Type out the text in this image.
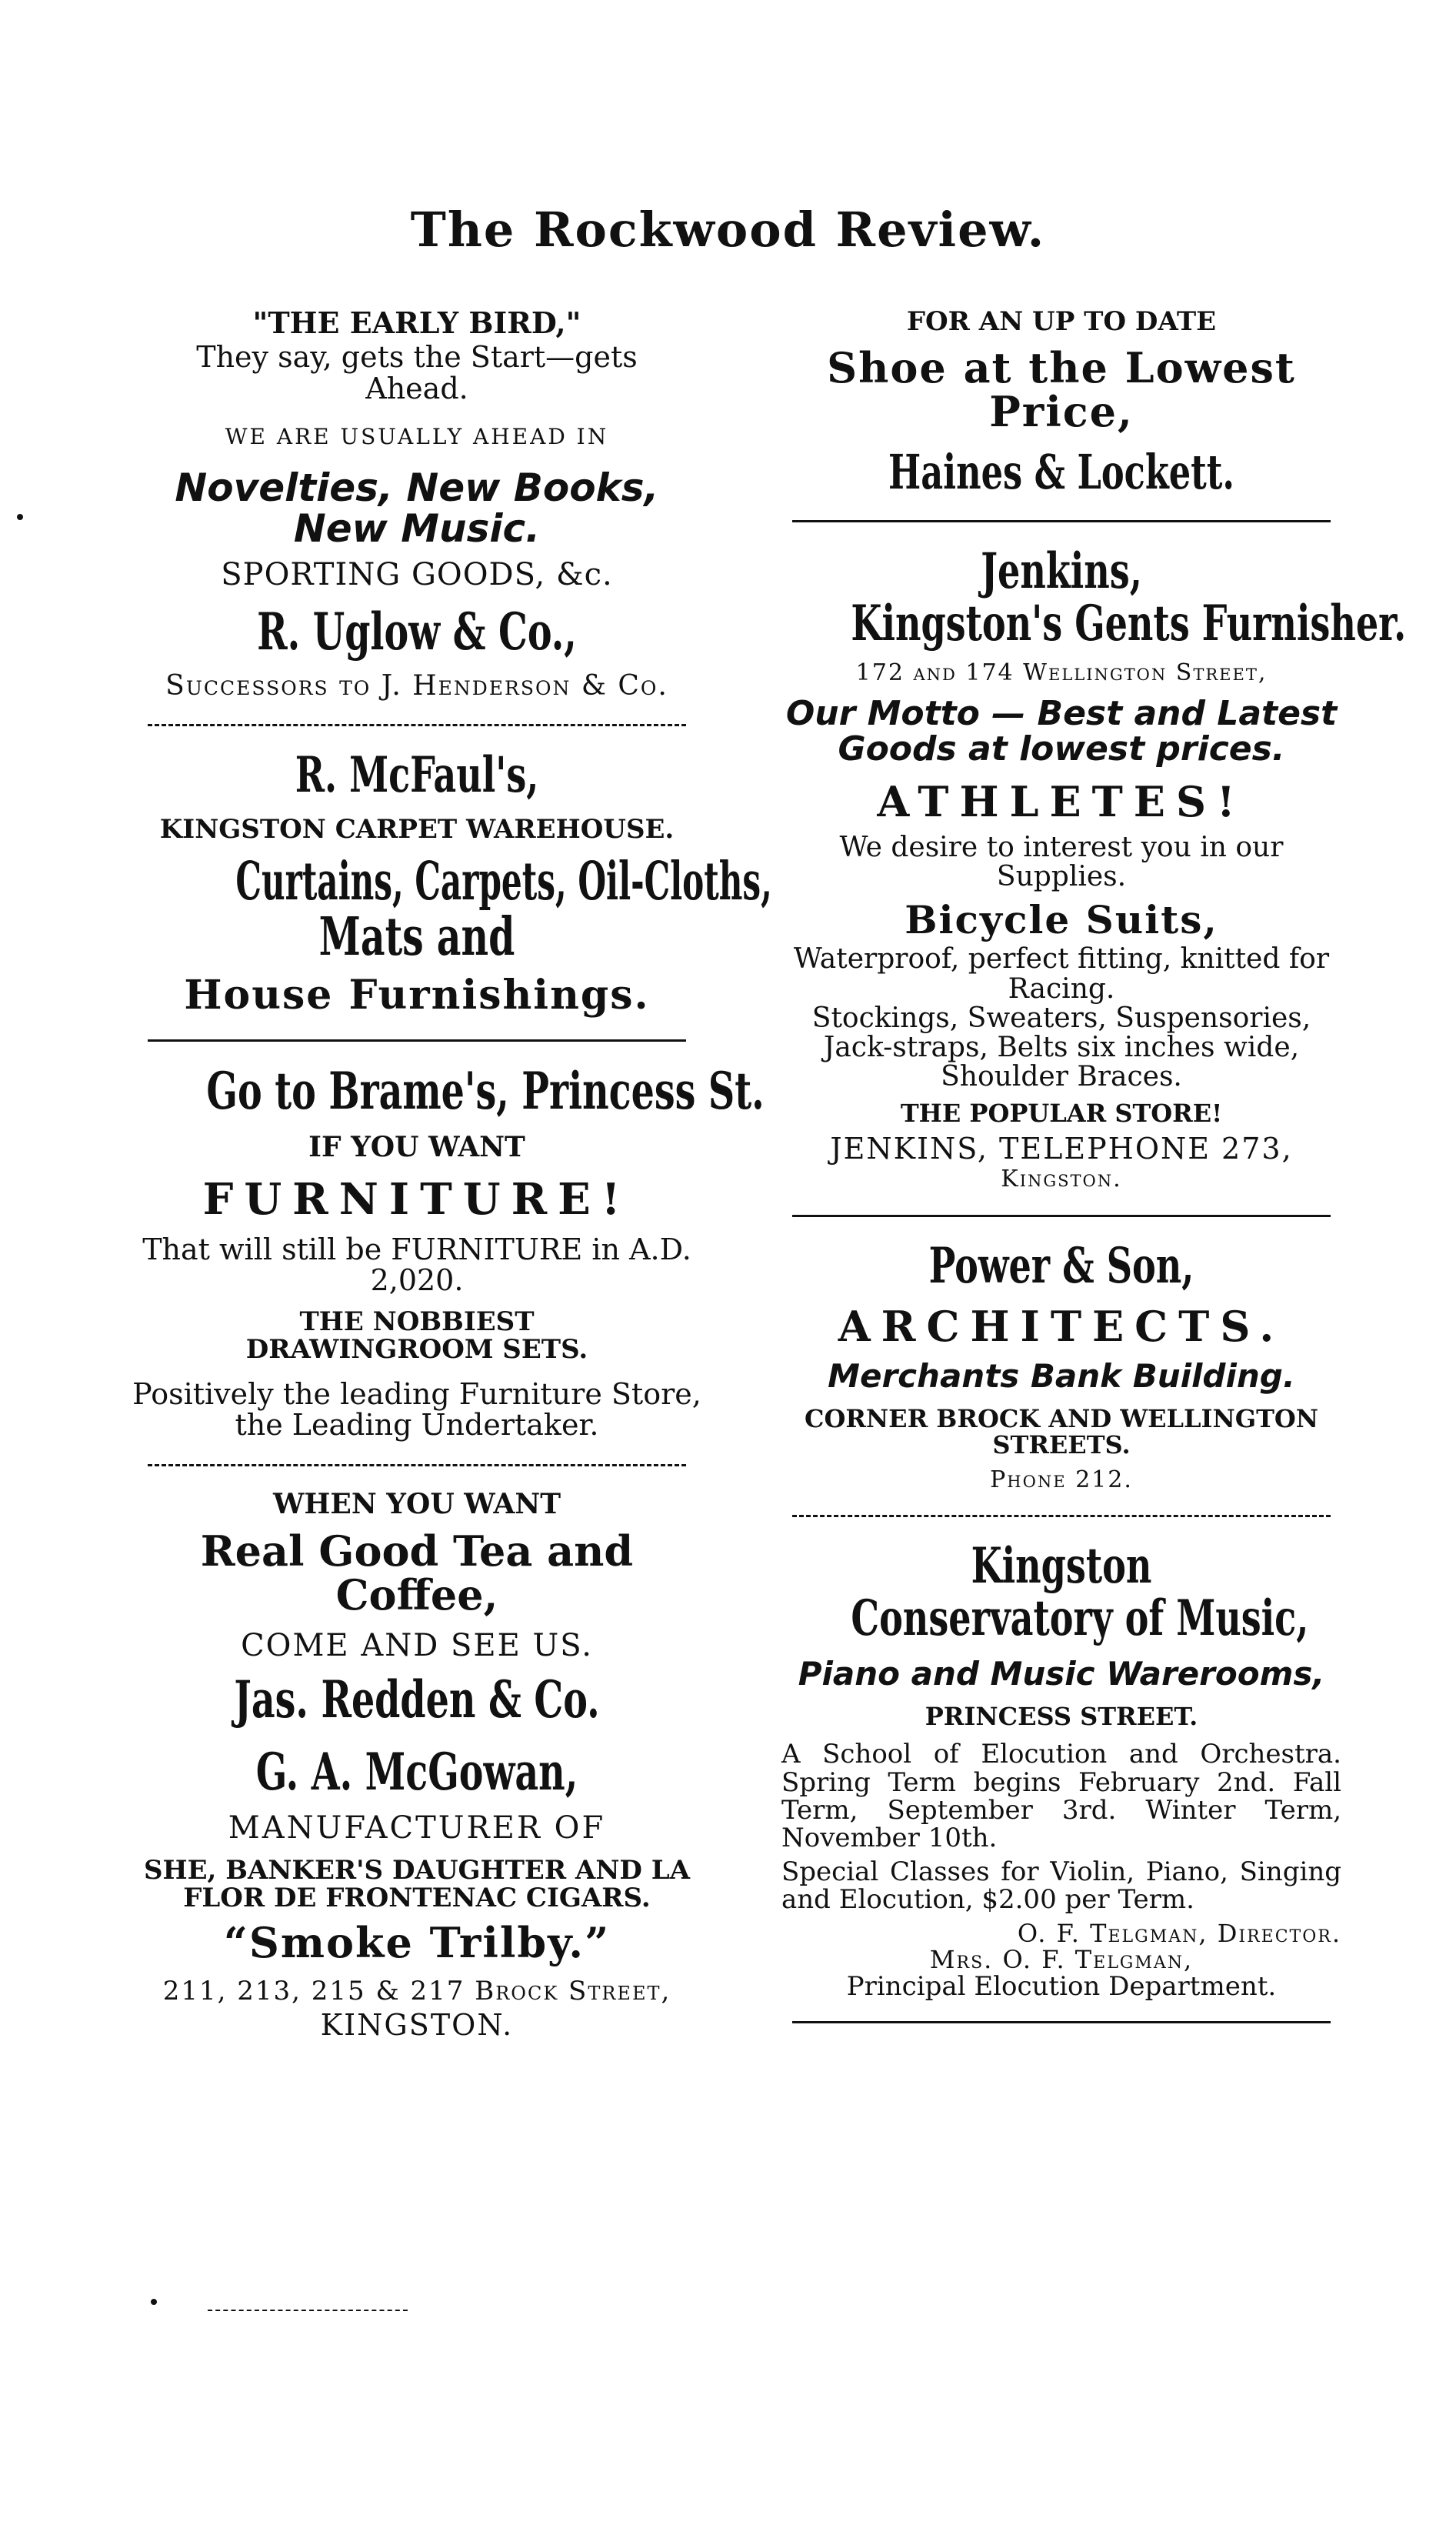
The Rockwood Review.

"THE EARLY BIRD,"

They say, gets the Start—gets Ahead.

WE ARE USUALLY AHEAD IN

Novelties, New Books, New Music.

SPORTING GOODS, &c.

R. Uglow & Co.,

Successors to J. Henderson & Co.

R. McFaul's,

KINGSTON CARPET WAREHOUSE.

Curtains, Carpets, Oil-Cloths,

Mats and

House Furnishings.

Go to Brame's, Princess St.

IF YOU WANT

FURNITURE!

That will still be FURNITURE in A.D. 2,020.

THE NOBBIEST DRAWINGROOM SETS.

Positively the leading Furniture Store, the Leading Undertaker.

WHEN YOU WANT

Real Good Tea and Coffee,

COME AND SEE US.

Jas. Redden & Co.

G. A. McGowan,

MANUFACTURER OF

SHE, BANKER'S DAUGHTER AND LA FLOR DE FRONTENAC CIGARS.

“Smoke Trilby.”

211, 213, 215 & 217 Brock Street,

KINGSTON.

FOR AN UP TO DATE

Shoe at the Lowest Price,

Haines & Lockett.

Jenkins,

Kingston's Gents Furnisher.

172 and 174 Wellington Street,

Our Motto — Best and Latest Goods at lowest prices.

ATHLETES!

We desire to interest you in our Supplies.

Bicycle Suits,

Waterproof, perfect fitting, knitted for Racing.

Stockings, Sweaters, Suspensories, Jack-straps, Belts six inches wide, Shoulder Braces.

THE POPULAR STORE!

JENKINS, TELEPHONE 273,

Kingston.

Power & Son,

ARCHITECTS.

Merchants Bank Building.

CORNER BROCK AND WELLINGTON STREETS.

Phone 212.

Kingston

Conservatory of Music,

Piano and Music Warerooms,

PRINCESS STREET.

A School of Elocution and Orchestra. Spring Term begins February 2nd. Fall Term, September 3rd. Winter Term, November 10th.

Special Classes for Violin, Piano, Singing and Elocution, $2.00 per Term.

O. F. Telgman, Director.

Mrs. O. F. Telgman,

Principal Elocution Department.
